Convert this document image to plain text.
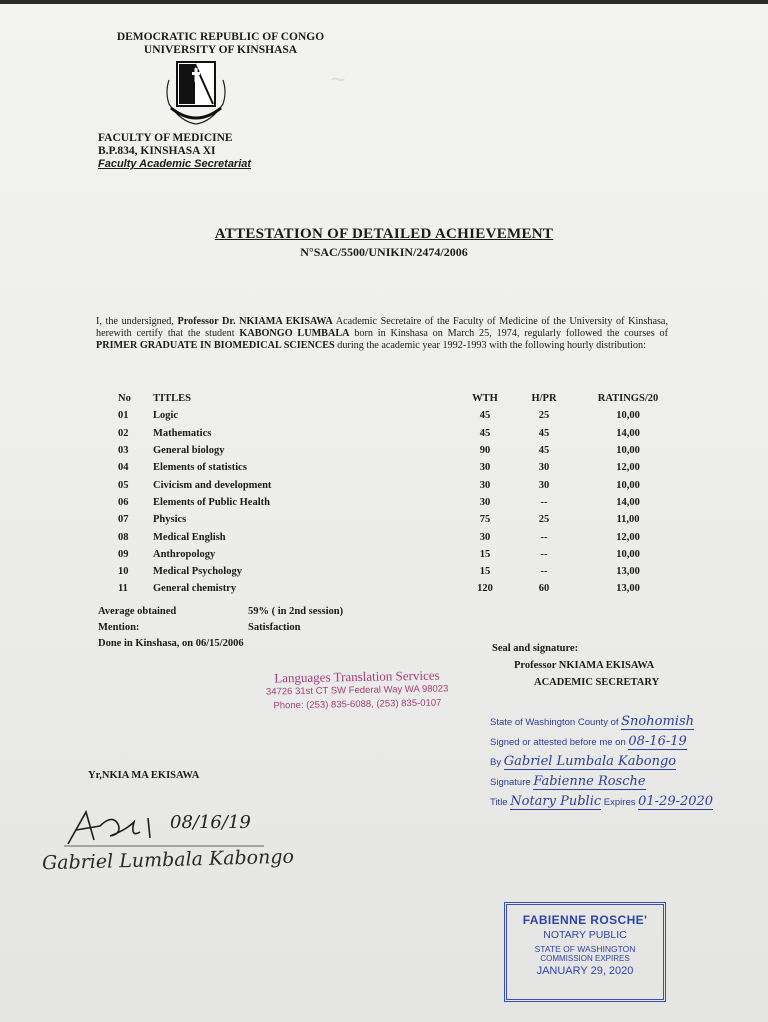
~
DEMOCRATIC REPUBLIC OF CONGO
UNIVERSITY OF KINSHASA
FACULTY OF MEDICINE
B.P.834, KINSHASA XI
Faculty Academic Secretariat
ATTESTATION OF DETAILED ACHIEVEMENT
N°SAC/5500/UNIKIN/2474/2006
I, the undersigned, Professor Dr. NKIAMA EKISAWA Academic Secretaire of the Faculty of Medicine of the University of Kinshasa, herewith certify that the student KABONGO LUMBALA born in Kinshasa on March 25, 1974, regularly followed the courses of PRIMER GRADUATE IN BIOMEDICAL SCIENCES during the academic year 1992-1993 with the following hourly distribution:
No	TITLES	WTH	H/PR	RATINGS/20
01	Logic	45	25	10,00
02	Mathematics	45	45	14,00
03	General biology	90	45	10,00
04	Elements of statistics	30	30	12,00
05	Civicism and development	30	30	10,00
06	Elements of Public Health	30	--	14,00
07	Physics	75	25	11,00
08	Medical English	30	--	12,00
09	Anthropology	15	--	10,00
10	Medical Psychology	15	--	13,00
11	General chemistry	120	60	13,00
Average obtained	59% ( in 2nd session)
Mention:	Satisfaction
Done in Kinshasa, on 06/15/2006	Seal and signature:
Professor NKIAMA EKISAWA
ACADEMIC SECRETARY
Languages Translation Services
34726 31st CT SW Federal Way WA 98023
Phone: (253) 835-6088, (253) 835-0107
State of Washington County of Snohomish
Signed or attested before me on 08-16-19
By Gabriel Lumbala Kabongo
Signature Fabienne Rosche
Title Notary Public Expires 01-29-2020
Yr,NKIA MA EKISAWA
08/16/19
Gabriel Lumbala Kabongo
FABIENNE ROSCHE'
NOTARY PUBLIC
STATE OF WASHINGTON
COMMISSION EXPIRES
JANUARY 29, 2020
